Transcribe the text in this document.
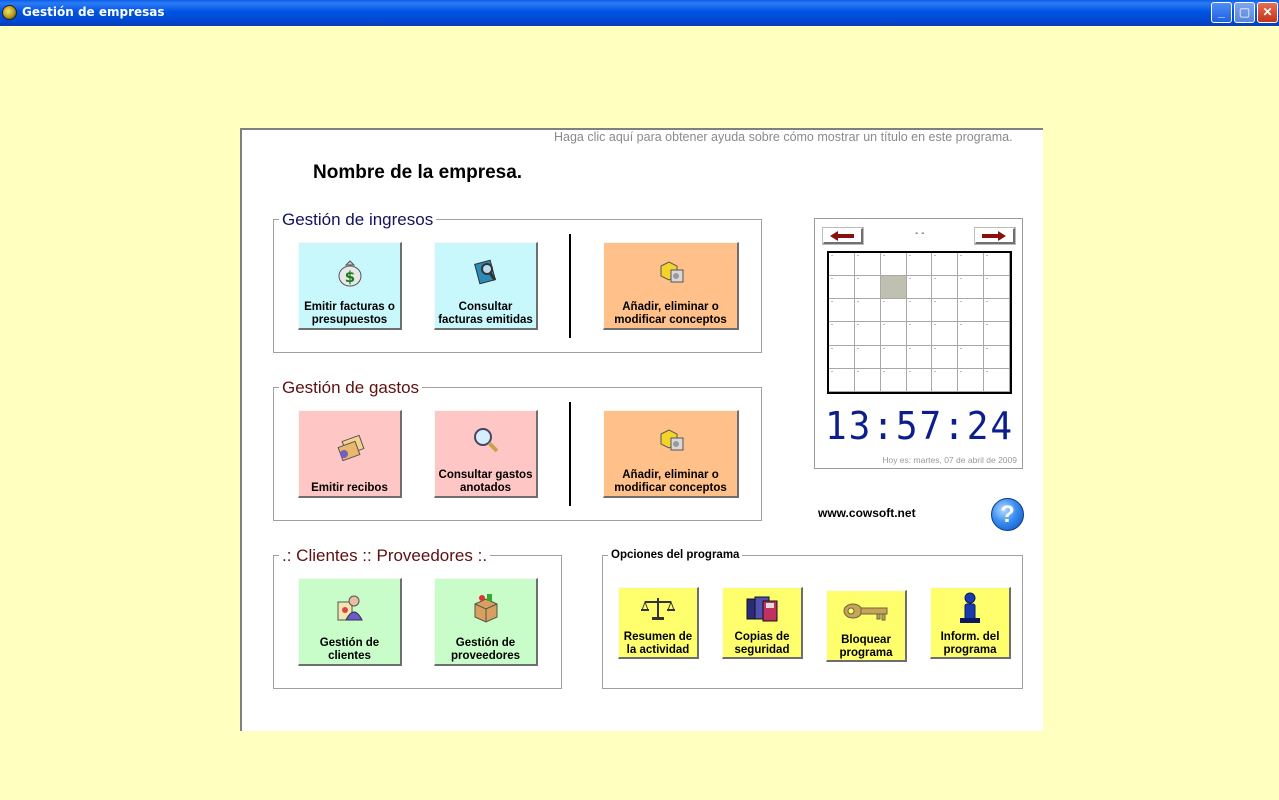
Gestión de empresas	_	▢	✕
Haga clic aquí para obtener ayuda sobre cómo mostrar un título en este programa.
Nombre de la empresa.
Gestión de ingresos
$
Emitir facturas o
presupuestos
Consultar
facturas emitidas
Añadir, eliminar o
modificar conceptos
Gestión de gastos
Emitir recibos
Consultar gastos
anotados
Añadir, eliminar o
modificar conceptos
.: Clientes :: Proveedores :.
Gestión de
clientes
Gestión de
proveedores
Opciones del programa
Resumen de
la actividad
Copias de
seguridad
Bloquear
programa
Inform. del
programa
- -
13:57:24
Hoy es: martes, 07 de abril de 2009
www.cowsoft.net	?
